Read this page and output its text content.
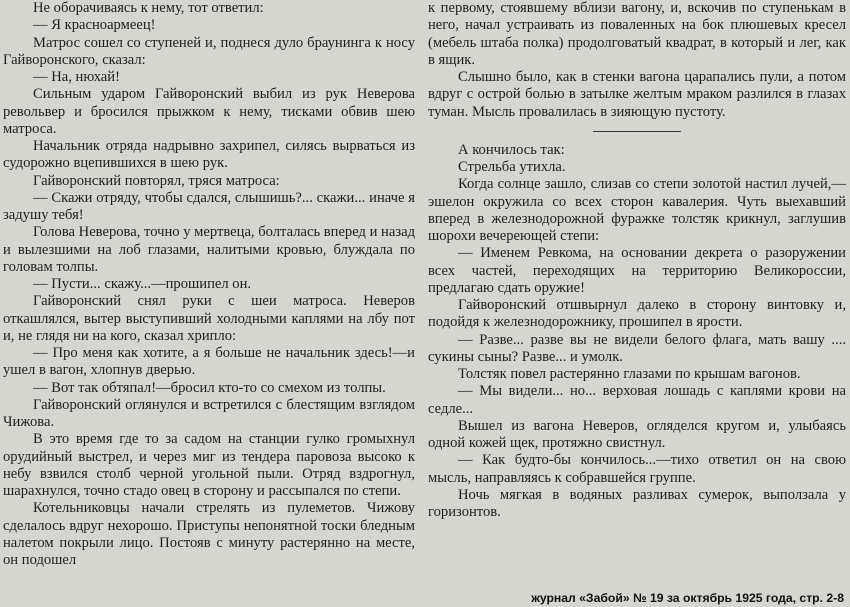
Не оборачиваясь к нему, тот ответил:

— Я красноармеец!

Матрос сошел со ступеней и, поднеся дуло браунинга к носу Гайворонского, сказал:

— На, нюхай!

Сильным ударом Гайворонский выбил из рук Неверова револьвер и бросился прыжком к нему, тисками обвив шею матроса.

Начальник отряда надрывно захрипел, силясь вырваться из судорожно вцепившихся в шею рук.

Гайворонский повторял, тряся матроса:

— Скажи отряду, чтобы сдался, слышишь?... скажи... иначе я задушу тебя!

Голова Неверова, точно у мертвеца, болталась вперед и назад и вылезшими на лоб глазами, налитыми кровью, блуждала по головам толпы.

— Пусти... скажу...—прошипел он.

Гайворонский снял руки с шеи матроса. Неверов откашлялся, вытер выступивший холодными каплями на лбу пот и, не глядя ни на кого, сказал хрипло:

— Про меня как хотите, а я больше не начальник здесь!—и ушел в вагон, хлопнув дверью.

— Вот так обтяпал!—бросил кто-то со смехом из толпы.

Гайворонский оглянулся и встретился с блестящим взглядом Чижова.

В это время где то за садом на станции гулко громыхнул орудийный выстрел, и через миг из тендера паровоза высоко к небу взвился столб черной угольной пыли. Отряд вздрогнул, шарахнулся, точно стадо овец в сторону и рассыпался по степи.

Котельниковцы начали стрелять из пулеметов. Чижову сделалось вдруг нехорошо. Приступы непонятной тоски бледным налетом покрыли лицо. Постояв с минуту растерянно на месте, он подошел

к первому, стоявшему вблизи вагону, и, вскочив по ступенькам в него, начал устраивать из поваленных на бок плюшевых кресел (мебель штаба полка) продолговатый квадрат, в который и лег, как в ящик.

Слышно было, как в стенки вагона царапались пули, а потом вдруг с острой болью в затылке желтым мраком разлился в глазах туман. Мысль провалилась в зияющую пустоту.

А кончилось так:

Стрельба утихла.

Когда солнце зашло, слизав со степи золотой настил лучей,—эшелон окружила со всех сторон кавалерия. Чуть выехавший вперед в железнодорожной фуражке толстяк крикнул, заглушив шорохи вечереющей степи:

— Именем Ревкома, на основании декрета о разоружении всех частей, переходящих на территорию Великороссии, предлагаю сдать оружие!

Гайворонский отшвырнул далеко в сторону винтовку и, подойдя к железнодорожнику, прошипел в ярости.

— Разве... разве вы не видели белого флага, мать вашу .... сукины сыны? Разве... и умолк.

Толстяк повел растерянно глазами по крышам вагонов.

— Мы видели... но... верховая лошадь с каплями крови на седле...

Вышел из вагона Неверов, огляделся кругом и, улыбаясь одной кожей щек, протяжно свистнул.

— Как будто-бы кончилось...—тихо ответил он на свою мысль, направляясь к собравшейся группе.

Ночь мягкая в водяных разливах сумерок, выползала у горизонтов.

журнал «Забой» № 19 за октябрь 1925 года, стр. 2-8
